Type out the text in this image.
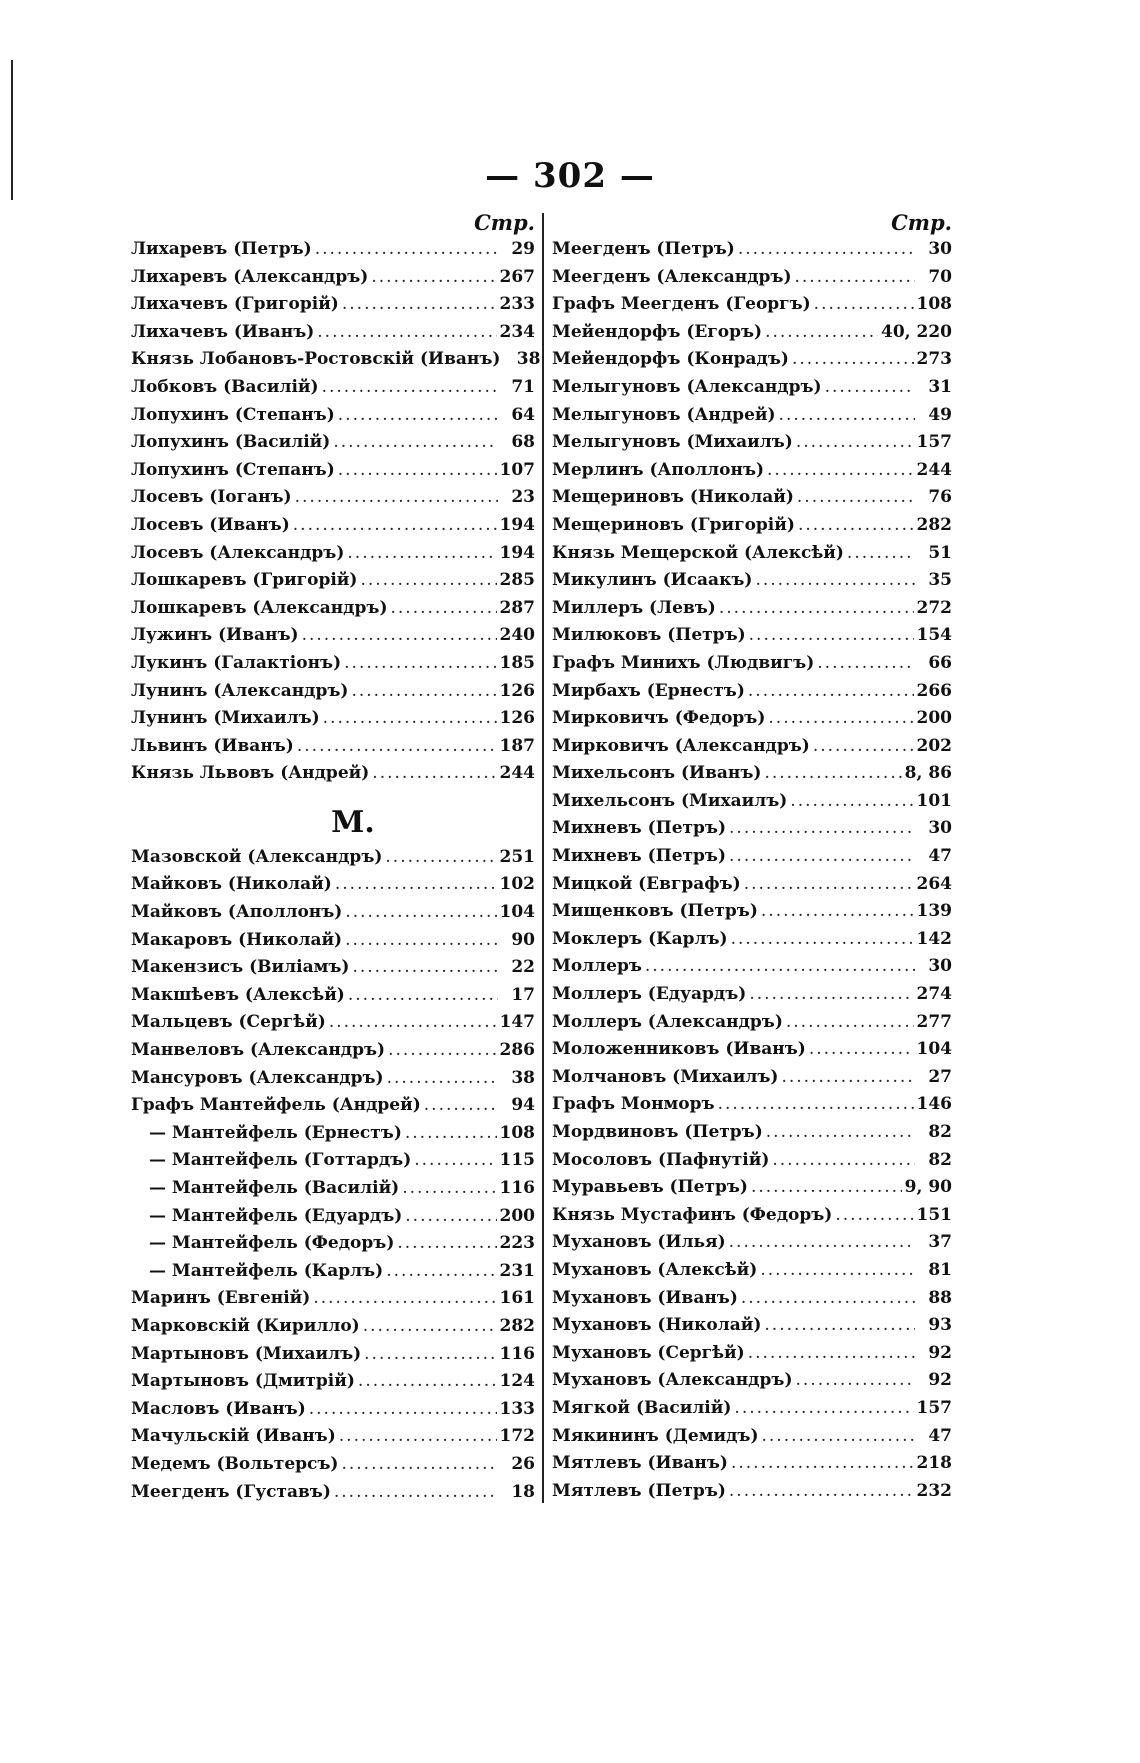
— 302 —
Стр.
Лихаревъ (Петръ) .....	29
Лихаревъ (Александръ) .....	267
Лихачевъ (Григорій) .....	233
Лихачевъ (Иванъ) .....	234
Князь Лобановъ-Ростовскій (Иванъ) 38
Лобковъ (Василій) .....	71
Лопухинъ (Степанъ) .....	64
Лопухинъ (Василій) .....	68
Лопухинъ (Степанъ) .....	107
Лосевъ (Іоганъ) .....	23
Лосевъ (Иванъ) .....	194
Лосевъ (Александръ) .....	194
Лошкаревъ (Григорій) .....	285
Лошкаревъ (Александръ) .....	287
Лужинъ (Иванъ) .....	240
Лукинъ (Галактіонъ) .....	185
Лунинъ (Александръ) .....	126
Лунинъ (Михаилъ) .....	126
Львинъ (Иванъ) .....	187
Князь Львовъ (Андрей) .....	244
М.
Мазовской (Александръ) .....	251
Майковъ (Николай) .....	102
Майковъ (Аполлонъ) .....	104
Макаровъ (Николай) .....	90
Макензисъ (Виліамъ) .....	22
Макшѣевъ (Алексѣй) .....	17
Мальцевъ (Сергѣй) .....	147
Манвеловъ (Александръ) .....	286
Мансуровъ (Александръ) .....	38
Графъ Мантейфель (Андрей) .....	94
— Мантейфель (Ернестъ) .....	108
— Мантейфель (Готтардъ) .....	115
— Мантейфель (Василій) .....	116
— Мантейфель (Едуардъ) .....	200
— Мантейфель (Федоръ) .....	223
— Мантейфель (Карлъ) .....	231
Маринъ (Евгеній) .....	161
Марковскій (Кирилло) .....	282
Мартыновъ (Михаилъ) .....	116
Мартыновъ (Дмитрій) .....	124
Масловъ (Иванъ) .....	133
Мачульскій (Иванъ) .....	172
Медемъ (Вольтерсъ) .....	26
Меегденъ (Густавъ) .....	18
Стр.
Меегденъ (Петръ) .....	30
Меегденъ (Александръ) .....	70
Графъ Меегденъ (Георгъ) .....	108
Мейендорфъ (Егоръ) .....	40, 220
Мейендорфъ (Конрадъ) .....	273
Мелыгуновъ (Александръ) .....	31
Мелыгуновъ (Андрей) .....	49
Мелыгуновъ (Михаилъ) .....	157
Мерлинъ (Аполлонъ) .....	244
Мещериновъ (Николай) .....	76
Мещериновъ (Григорій) .....	282
Князь Мещерской (Алексѣй) .....	51
Микулинъ (Исаакъ) .....	35
Миллеръ (Левъ) .....	272
Милюковъ (Петръ) .....	154
Графъ Минихъ (Людвигъ) .....	66
Мирбахъ (Ернестъ) .....	266
Мирковичъ (Федоръ) .....	200
Мирковичъ (Александръ) .....	202
Михельсонъ (Иванъ) .....	8, 86
Михельсонъ (Михаилъ) .....	101
Михневъ (Петръ) .....	30
Михневъ (Петръ) .....	47
Мицкой (Евграфъ) .....	264
Мищенковъ (Петръ) .....	139
Моклеръ (Карлъ) .....	142
Моллеръ .....	30
Моллеръ (Едуардъ) .....	274
Моллеръ (Александръ) .....	277
Моложенниковъ (Иванъ) .....	104
Молчановъ (Михаилъ) .....	27
Графъ Монморъ .....	146
Мордвиновъ (Петръ) .....	82
Мосоловъ (Пафнутій) .....	82
Муравьевъ (Петръ) .....	9, 90
Князь Мустафинъ (Федоръ) .....	151
Мухановъ (Илья) .....	37
Мухановъ (Алексѣй) .....	81
Мухановъ (Иванъ) .....	88
Мухановъ (Николай) .....	93
Мухановъ (Сергѣй) .....	92
Мухановъ (Александръ) .....	92
Мягкой (Василій) .....	157
Мякининъ (Демидъ) .....	47
Мятлевъ (Иванъ) .....	218
Мятлевъ (Петръ) .....	232
